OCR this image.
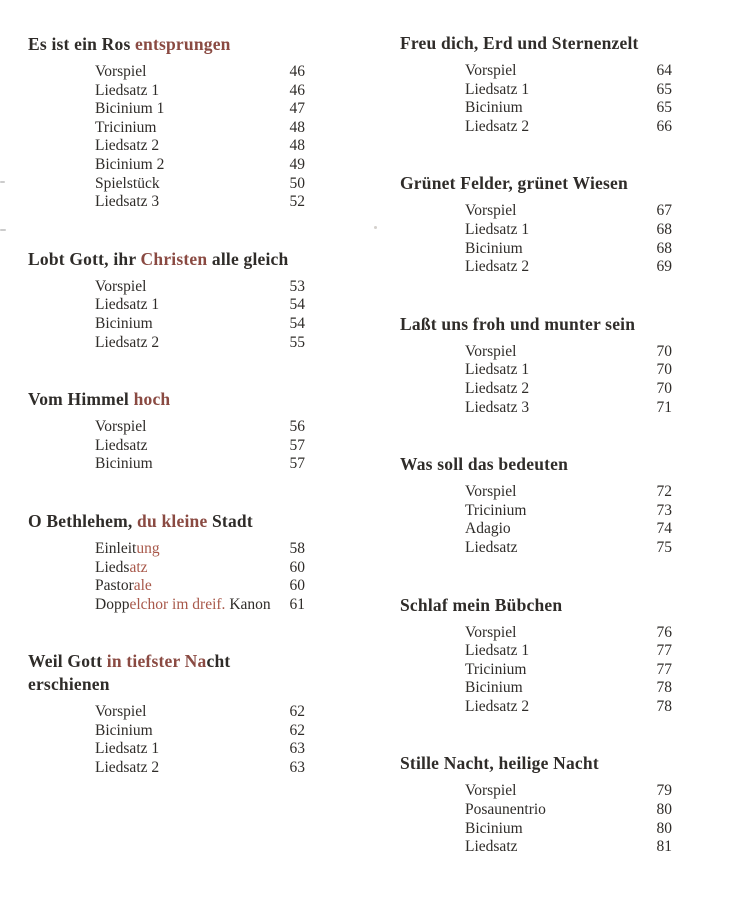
Es ist ein Ros entsprungen
Vorspiel	46
Liedsatz 1	46
Bicinium 1	47
Tricinium	48
Liedsatz 2	48
Bicinium 2	49
Spielstück	50
Liedsatz 3	52
Lobt Gott, ihr Christen alle gleich
Vorspiel	53
Liedsatz 1	54
Bicinium	54
Liedsatz 2	55
Vom Himmel hoch
Vorspiel	56
Liedsatz	57
Bicinium	57
O Bethlehem, du kleine Stadt
Einleitung	58
Liedsatz	60
Pastorale	60
Doppelchor im dreif. Kanon	61
Weil Gott in tiefster Nacht
erschienen
Vorspiel	62
Bicinium	62
Liedsatz 1	63
Liedsatz 2	63
Freu dich, Erd und Sternenzelt
Vorspiel	64
Liedsatz 1	65
Bicinium	65
Liedsatz 2	66
Grünet Felder, grünet Wiesen
Vorspiel	67
Liedsatz 1	68
Bicinium	68
Liedsatz 2	69
Laßt uns froh und munter sein
Vorspiel	70
Liedsatz 1	70
Liedsatz 2	70
Liedsatz 3	71
Was soll das bedeuten
Vorspiel	72
Tricinium	73
Adagio	74
Liedsatz	75
Schlaf mein Bübchen
Vorspiel	76
Liedsatz 1	77
Tricinium	77
Bicinium	78
Liedsatz 2	78
Stille Nacht, heilige Nacht
Vorspiel	79
Posaunentrio	80
Bicinium	80
Liedsatz	81
